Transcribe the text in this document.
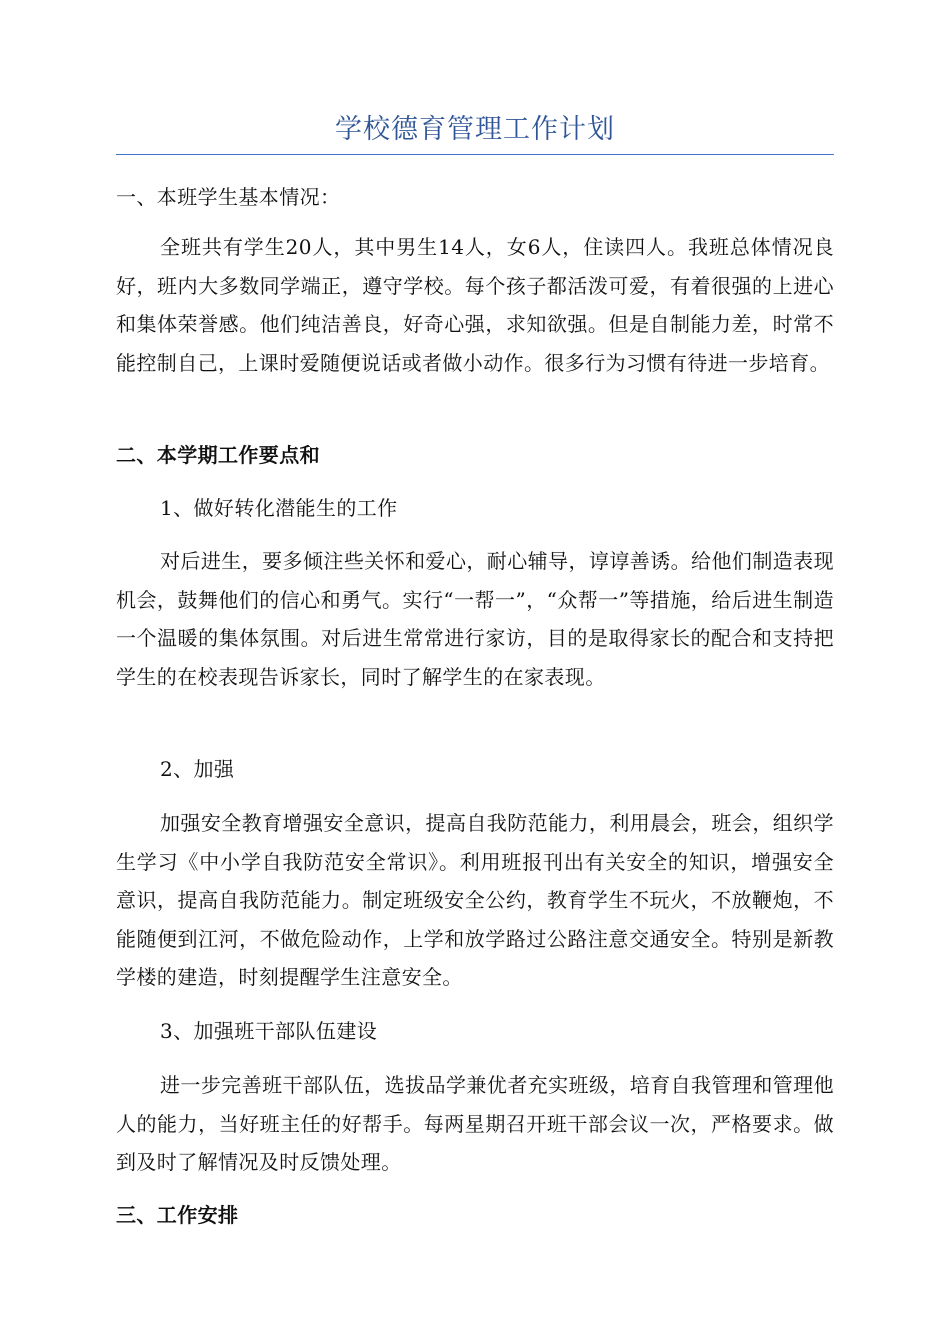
学校德育管理工作计划

一、本班学生基本情况：

全班共有学生20人，其中男生14人，女6人，住读四人。我班总体情况良好，班内大多数同学端正，遵守学校。每个孩子都活泼可爱，有着很强的上进心和集体荣誉感。他们纯洁善良，好奇心强，求知欲强。但是自制能力差，时常不能控制自己，上课时爱随便说话或者做小动作。很多行为习惯有待进一步培育。

二、本学期工作要点和

1、做好转化潜能生的工作

对后进生，要多倾注些关怀和爱心，耐心辅导，谆谆善诱。给他们制造表现机会，鼓舞他们的信心和勇气。实行“一帮一”，“众帮一”等措施，给后进生制造一个温暖的集体氛围。对后进生常常进行家访，目的是取得家长的配合和支持把学生的在校表现告诉家长，同时了解学生的在家表现。

2、加强

加强安全教育增强安全意识，提高自我防范能力，利用晨会，班会，组织学生学习《中小学自我防范安全常识》。利用班报刊出有关安全的知识，增强安全意识，提高自我防范能力。制定班级安全公约，教育学生不玩火，不放鞭炮，不能随便到江河，不做危险动作，上学和放学路过公路注意交通安全。特别是新教学楼的建造，时刻提醒学生注意安全。

3、加强班干部队伍建设

进一步完善班干部队伍，选拔品学兼优者充实班级，培育自我管理和管理他人的能力，当好班主任的好帮手。每两星期召开班干部会议一次，严格要求。做到及时了解情况及时反馈处理。

三、工作安排
